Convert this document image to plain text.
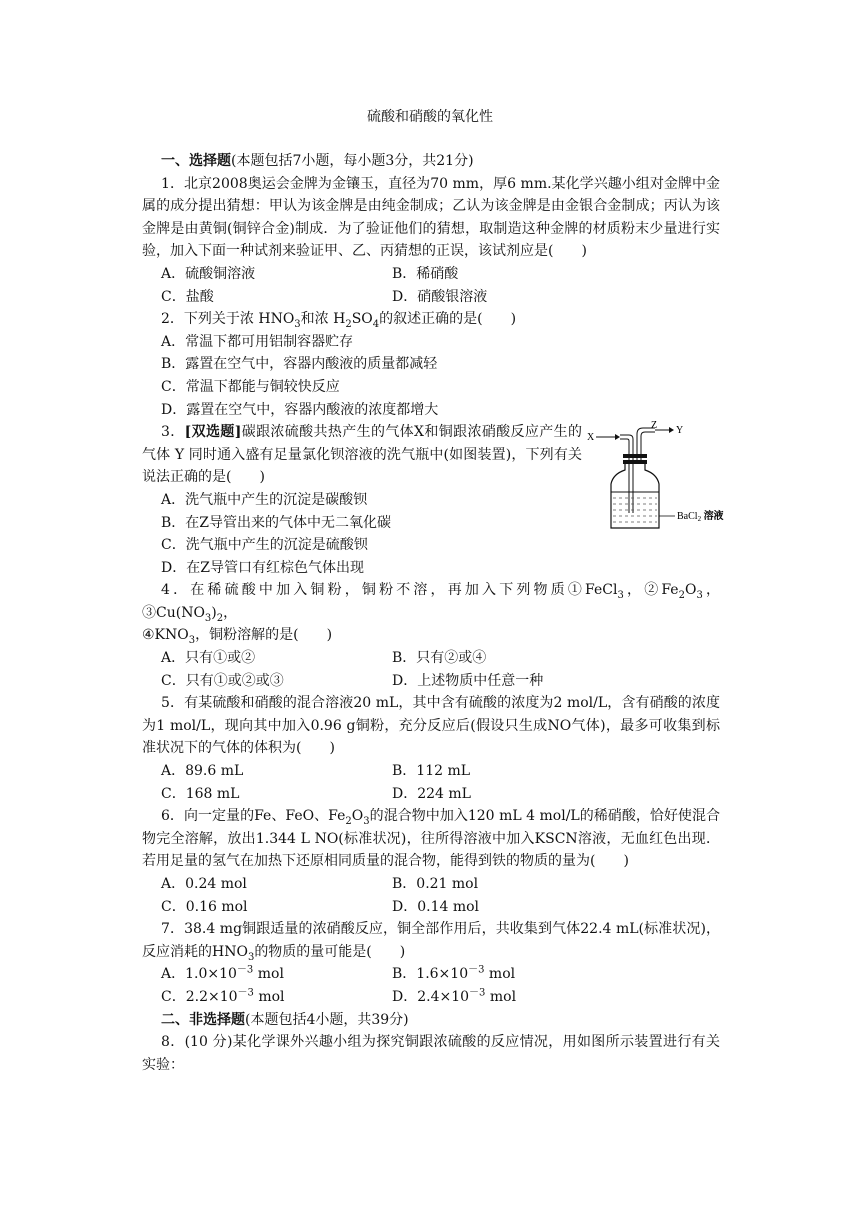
硫酸和硝酸的氧化性

一、选择题(本题包括7小题，每小题3分，共21分)

1．北京2008奥运会金牌为金镶玉，直径为70 mm，厚6 mm.某化学兴趣小组对金牌中金属的成分提出猜想：甲认为该金牌是由纯金制成；乙认为该金牌是由金银合金制成；丙认为该金牌是由黄铜(铜锌合金)制成．为了验证他们的猜想，取制造这种金牌的材质粉末少量进行实验，加入下面一种试剂来验证甲、乙、丙猜想的正误，该试剂应是(　　)

A．硫酸铜溶液	B．稀硝酸
C．盐酸	D．硝酸银溶液

2．下列关于浓 $HNO_3$和浓 $H_2SO_4$的叙述正确的是(　　)

A．常温下都可用铝制容器贮存

B．露置在空气中，容器内酸液的质量都减轻

C．常温下都能与铜较快反应

D．露置在空气中，容器内酸液的浓度都增大

3．[双选题]碳跟浓硫酸共热产生的气体X和铜跟浓硝酸反应产生的气体 Y 同时通入盛有足量氯化钡溶液的洗气瓶中(如图装置)，下列有关说法正确的是(　　)

A．洗气瓶中产生的沉淀是碳酸钡

B．在Z导管出来的气体中无二氧化碳

C．洗气瓶中产生的沉淀是硫酸钡

D．在Z导管口有红棕色气体出现

4．在稀硫酸中加入铜粉，铜粉不溶，再加入下列物质①FeCl$_3$，$②Fe_2O_3$，$③Cu(NO_3)_2$，

$④KNO_3$，铜粉溶解的是(　　)

A．只有①或②	B．只有②或④
C．只有①或②或③	D．上述物质中任意一种

5．有某硫酸和硝酸的混合溶液20 mL，其中含有硫酸的浓度为2 mol/L，含有硝酸的浓度为1 mol/L，现向其中加入0.96 g铜粉，充分反应后(假设只生成NO气体)，最多可收集到标准状况下的气体的体积为(　　)

A．89.6 mL	B．112 mL
C．168 mL	D．224 mL

6．向一定量的Fe、FeO、$Fe_2O_3$的混合物中加入120 mL 4 mol/L的稀硝酸，恰好使混合物完全溶解，放出1.344 L NO(标准状况)，往所得溶液中加入KSCN溶液，无血红色出现．若用足量的氢气在加热下还原相同质量的混合物，能得到铁的物质的量为(　　)

A．0.24 mol	B．0.21 mol
C．0.16 mol	D．0.14 mol

7．38.4 mg铜跟适量的浓硝酸反应，铜全部作用后，共收集到气体22.4 mL(标准状况)，反应消耗的$HNO_3$的物质的量可能是(　　)

A．$1.0\times 10^{-3}$ mol	B．$1.6\times 10^{-3}$ mol
C．$2.2\times 10^{-3}$ mol	D．$2.4\times 10^{-3}$ mol

二、非选择题(本题包括4小题，共39分)

8．(10 分)某化学课外兴趣小组为探究铜跟浓硫酸的反应情况，用如图所示装置进行有关实验：

X
Z Y
BaCl$_2$ 溶液
